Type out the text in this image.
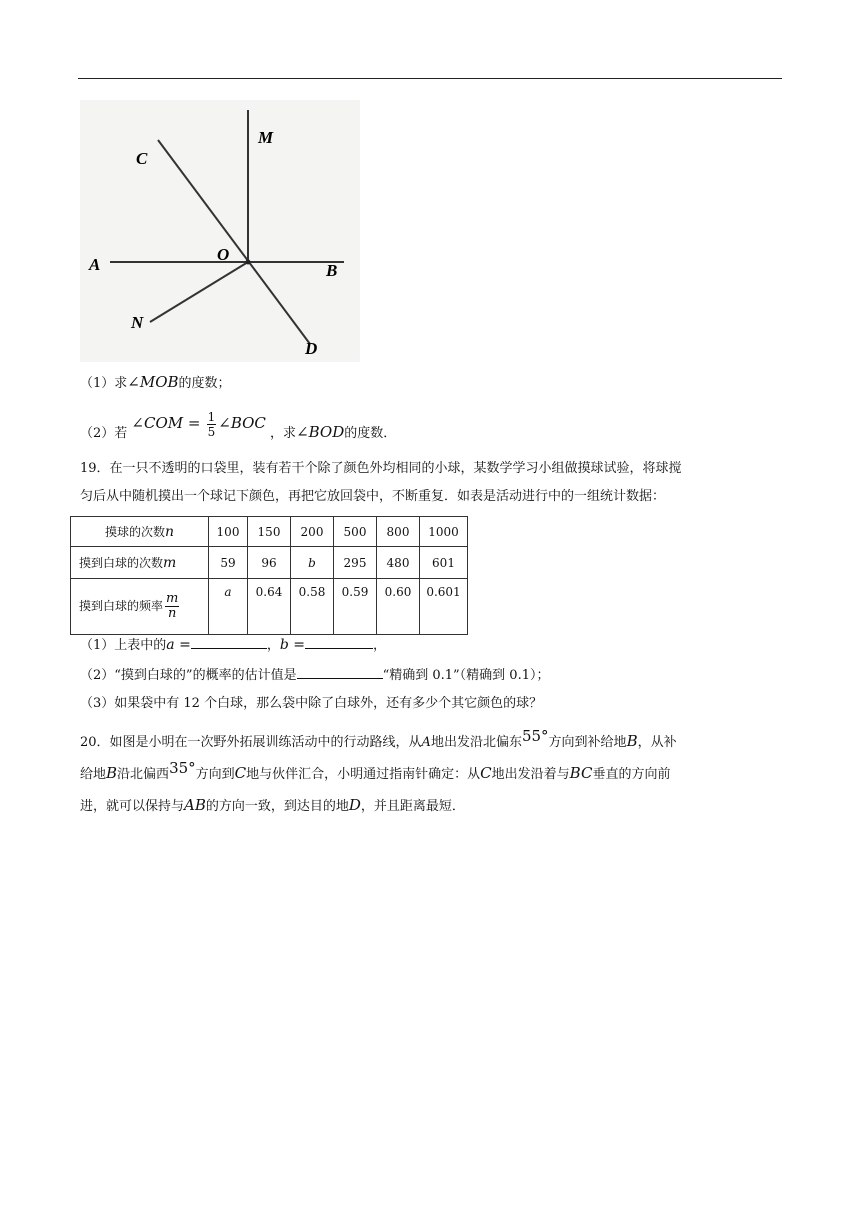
C
M
A
O
B
N
D
（1）求∠MOB的度数；
（2）若 ∠COM = $\frac{1}{5}$ ∠BOC ，求∠BOD的度数．
19．在一只不透明的口袋里，装有若干个除了颜色外均相同的小球，某数学学习小组做摸球试验，将球搅
匀后从中随机摸出一个球记下颜色，再把它放回袋中，不断重复．如表是活动进行中的一组统计数据：
摸球的次数n	100	150	200	500	800	1000
摸到白球的次数m	59	96	b	295	480	601
摸到白球的频率 $\frac{m}{n}$	a	0.64	0.58	0.59	0.60	0.601
（1）上表中的a =	，b =	，
（2）“摸到白球的”的概率的估计值是	“精确到 0.1”（精确到 0.1）；
（3）如果袋中有 12 个白球，那么袋中除了白球外，还有多少个其它颜色的球？
20．如图是小明在一次野外拓展训练活动中的行动路线，从A地出发沿北偏东55°方向到补给地B，从补
给地B沿北偏西35°方向到C地与伙伴汇合，小明通过指南针确定：从C地出发沿着与BC垂直的方向前
进，就可以保持与AB的方向一致，到达目的地D，并且距离最短．
